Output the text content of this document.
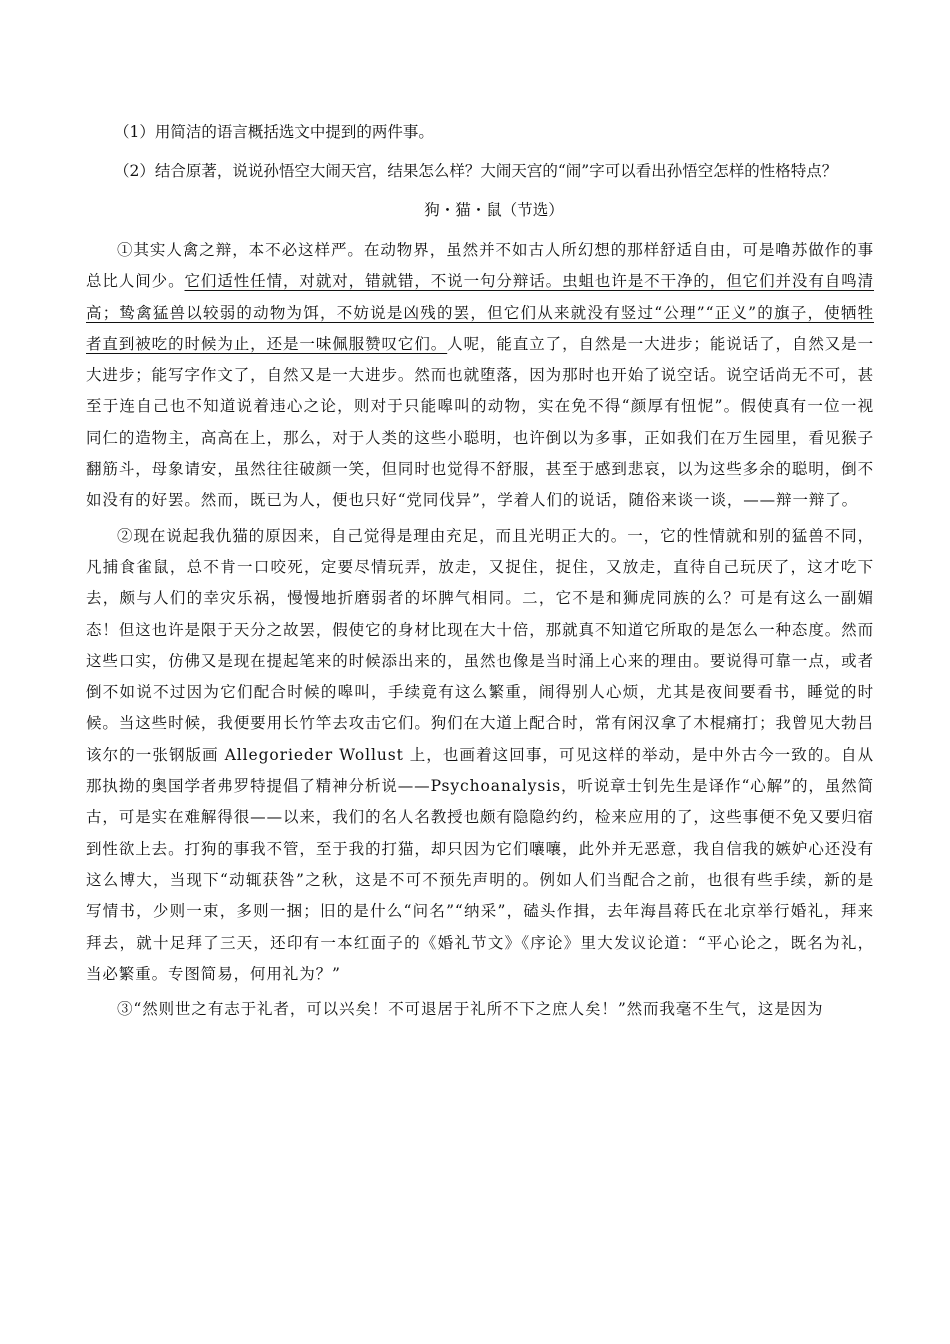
（1）用简洁的语言概括选文中提到的两件事。

（2）结合原著，说说孙悟空大闹天宫，结果怎么样？大闹天宫的“闹”字可以看出孙悟空怎样的性格特点？

狗・猫・鼠（节选）

①其实人禽之辩，本不必这样严。在动物界，虽然并不如古人所幻想的那样舒适自由，可是噜苏做作的事总比人间少。它们适性任情，对就对，错就错，不说一句分辩话。虫蛆也许是不干净的，但它们并没有自鸣清高；鸷禽猛兽以较弱的动物为饵，不妨说是凶残的罢，但它们从来就没有竖过“公理”“正义”的旗子，使牺牲者直到被吃的时候为止，还是一味佩服赞叹它们。人呢，能直立了，自然是一大进步；能说话了，自然又是一大进步；能写字作文了，自然又是一大进步。然而也就堕落，因为那时也开始了说空话。说空话尚无不可，甚至于连自己也不知道说着违心之论，则对于只能嗥叫的动物，实在免不得“颜厚有忸怩”。假使真有一位一视同仁的造物主，高高在上，那么，对于人类的这些小聪明，也许倒以为多事，正如我们在万生园里，看见猴子翻筋斗，母象请安，虽然往往破颜一笑，但同时也觉得不舒服，甚至于感到悲哀，以为这些多余的聪明，倒不如没有的好罢。然而，既已为人，便也只好“党同伐异”，学着人们的说话，随俗来谈一谈，——辩一辩了。

②现在说起我仇猫的原因来，自己觉得是理由充足，而且光明正大的。一，它的性情就和别的猛兽不同，凡捕食雀鼠，总不肯一口咬死，定要尽情玩弄，放走，又捉住，捉住，又放走，直待自己玩厌了，这才吃下去，颇与人们的幸灾乐祸，慢慢地折磨弱者的坏脾气相同。二，它不是和狮虎同族的么？可是有这么一副媚态！但这也许是限于天分之故罢，假使它的身材比现在大十倍，那就真不知道它所取的是怎么一种态度。然而这些口实，仿佛又是现在提起笔来的时候添出来的，虽然也像是当时涌上心来的理由。要说得可靠一点，或者倒不如说不过因为它们配合时候的嗥叫，手续竟有这么繁重，闹得别人心烦，尤其是夜间要看书，睡觉的时候。当这些时候，我便要用长竹竿去攻击它们。狗们在大道上配合时，常有闲汉拿了木棍痛打；我曾见大勃吕该尔的一张钢版画 Allegorieder Wollust 上，也画着这回事，可见这样的举动，是中外古今一致的。自从那执拗的奥国学者弗罗特提倡了精神分析说——Psychoanalysis，听说章士钊先生是译作“心解”的，虽然简古，可是实在难解得很——以来，我们的名人名教授也颇有隐隐约约，检来应用的了，这些事便不免又要归宿到性欲上去。打狗的事我不管，至于我的打猫，却只因为它们嚷嚷，此外并无恶意，我自信我的嫉妒心还没有这么博大，当现下“动辄获咎”之秋，这是不可不预先声明的。例如人们当配合之前，也很有些手续，新的是写情书，少则一束，多则一捆；旧的是什么“问名”“纳采”，磕头作揖，去年海昌蒋氏在北京举行婚礼，拜来拜去，就十足拜了三天，还印有一本红面子的《婚礼节文》《序论》里大发议论道：“平心论之，既名为礼，当必繁重。专图简易，何用礼为？”

③“然则世之有志于礼者，可以兴矣！不可退居于礼所不下之庶人矣！”然而我毫不生气，这是因为
